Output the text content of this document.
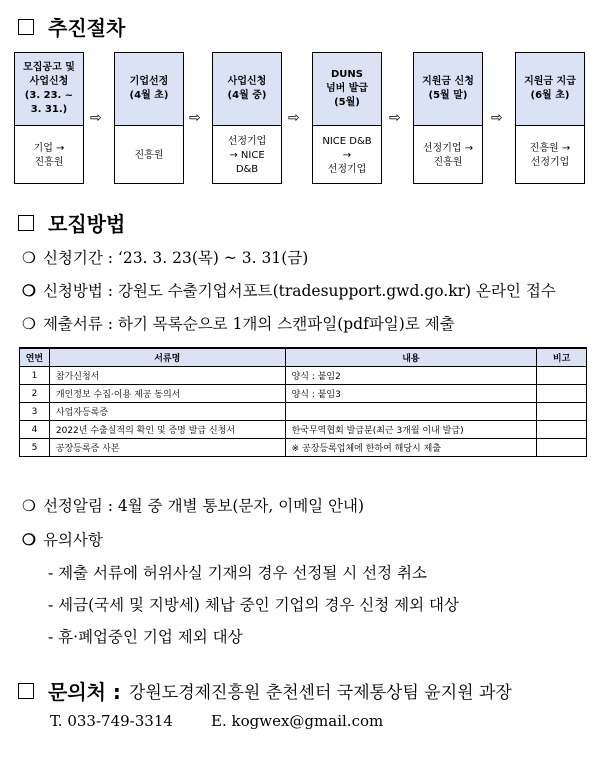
추진절차
모집공고 및
사업신청
(3. 23. ~
3. 31.)
기업 →
진흥원
⇨
기업선정
(4월 초)
진흥원
⇨
사업신청
(4월 중)
선정기업
→ NICE
D&B
⇨
DUNS
넘버 발급
(5월)
NICE D&B
→
선정기업
⇨
지원금 신청
(5월 말)
선정기업 →
진흥원
⇨
지원금 지급
(6월 초)
진흥원 →
선정기업
모집방법
❍ 신청기간 : ‘23. 3. 23(목) ~ 3. 31(금)
❍ 신청방법 : 강원도 수출기업서포트(tradesupport.gwd.go.kr) 온라인 접수
❍ 제출서류 : 하기 목록순으로 1개의 스캔파일(pdf파일)로 제출
연번	서류명	내용	비고
1	참가신청서	양식 : 붙임2	
2	개인정보 수집·이용 제공 동의서	양식 : 붙임3	
3	사업자등록증		
4	2022년 수출실적의 확인 및 증명 발급 신청서	한국무역협회 발급분(최근 3개월 이내 발급)	
5	공장등록증 사본	※ 공장등록업체에 한하여 해당시 제출	
❍ 선정알림 : 4월 중 개별 통보(문자, 이메일 안내)
❍ 유의사항
- 제출 서류에 허위사실 기재의 경우 선정될 시 선정 취소
- 세금(국세 및 지방세) 체납 중인 기업의 경우 신청 제외 대상
- 휴·폐업중인 기업 제외 대상
문의처 : 강원도경제진흥원 춘천센터 국제통상팀 윤지원 과장
T. 033-749-3314        E. kogwex@gmail.com
